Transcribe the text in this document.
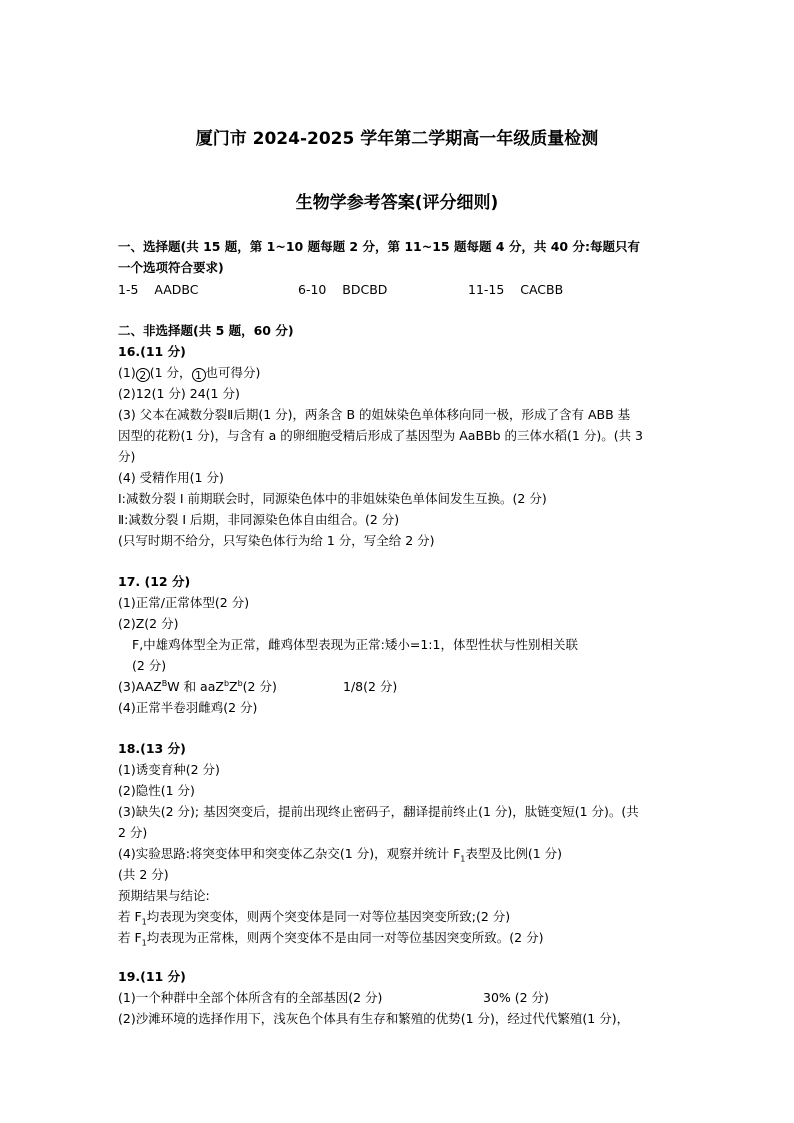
厦门市 2024-2025 学年第二学期高一年级质量检测
生物学参考答案(评分细则)
一、选择题(共 15 题，第 1~10 题每题 2 分，第 11~15 题每题 4 分，共 40 分:每题只有
一个选项符合要求)
1-5 AADBC	6-10 BDCBD	11-15 CACBB
二、非选择题(共 5 题，60 分)
16.(11 分)
(1) 2 (1 分， 1 也可得分)
(2)12(1 分) 24(1 分)
(3) 父本在减数分裂Ⅱ后期(1 分)，两条含 B 的姐妹染色单体移向同一极，形成了含有 ABB 基
因型的花粉(1 分)，与含有 a 的卵细胞受精后形成了基因型为 AaBBb 的三体水稻(1 分)。(共 3
分)
(4) 受精作用(1 分)
Ⅰ:减数分裂 I 前期联会时，同源染色体中的非姐妹染色单体间发生互换。(2 分)
Ⅱ:减数分裂 I 后期，非同源染色体自由组合。(2 分)
(只写时期不给分，只写染色体行为给 1 分，写全给 2 分)
17. (12 分)
(1)正常/正常体型(2 分)
(2)Z(2 分)
F,中雄鸡体型全为正常，雌鸡体型表现为正常:矮小=1:1，体型性状与性别相关联
(2 分)
$(3)AAZ^BW$ 和 $aaZ^bZ^b(2$ 分)	1/8(2 分)
(4)正常半卷羽雌鸡(2 分)
18.(13 分)
(1)诱变育种(2 分)
(2)隐性(1 分)
(3)缺失(2 分); 基因突变后，提前出现终止密码子，翻译提前终止(1 分)，肽链变短(1 分)。(共
2 分)
(4)实验思路:将突变体甲和突变体乙杂交(1 分)，观察并统计 $F_1$表型及比例(1 分)
(共 2 分)
预期结果与结论:
若 $F_1$均表现为突变体，则两个突变体是同一对等位基因突变所致;(2 分)
若 $F_1$均表现为正常株，则两个突变体不是由同一对等位基因突变所致。(2 分)
19.(11 分)
(1)一个种群中全部个体所含有的全部基因(2 分)	30% (2 分)
(2)沙滩环境的选择作用下，浅灰色个体具有生存和繁殖的优势(1 分)，经过代代繁殖(1 分)，
